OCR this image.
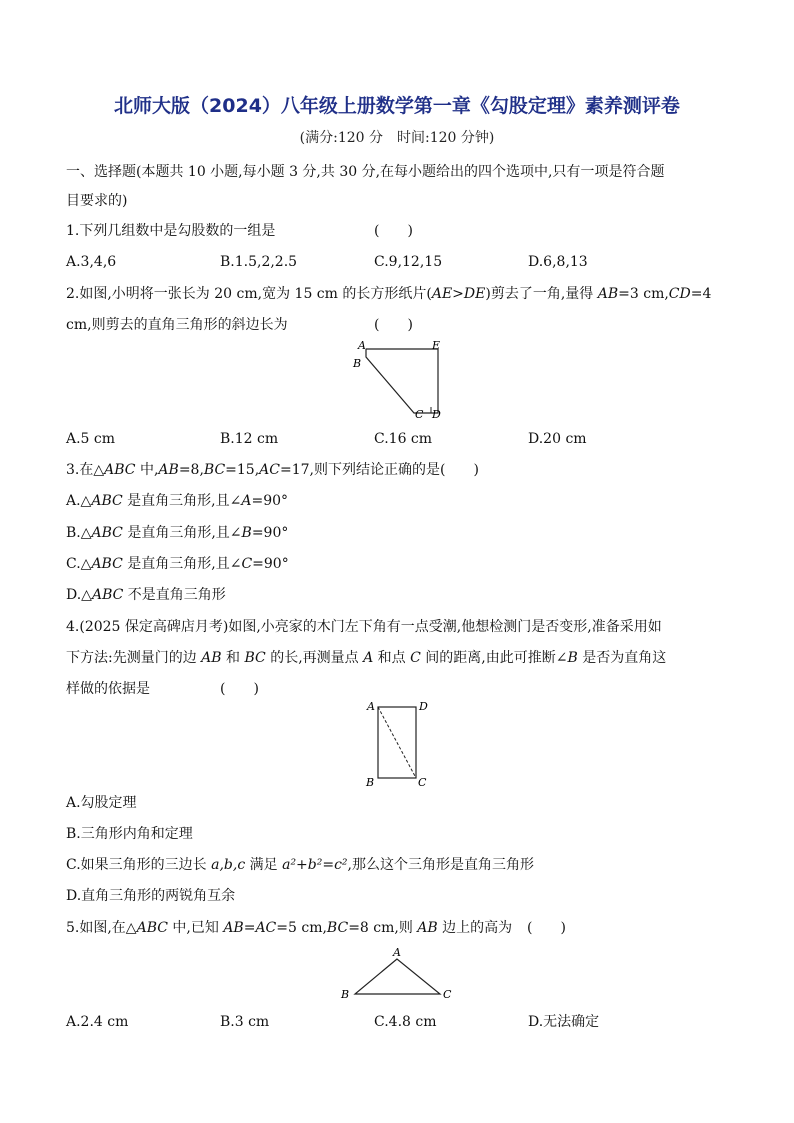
北师大版（2024）八年级上册数学第一章《勾股定理》素养测评卷
(满分:120 分　时间:120 分钟)
一、选择题(本题共 10 小题,每小题 3 分,共 30 分,在每小题给出的四个选项中,只有一项是符合题
目要求的)
1.下列几组数中是勾股数的一组是	(　　)
A.3,4,6	B.1.5,2,2.5	C.9,12,15	D.6,8,13
2.如图,小明将一张长为 20 cm,宽为 15 cm 的长方形纸片(AE>DE)剪去了一角,量得 AB=3 cm,CD=4
cm,则剪去的直角三角形的斜边长为	(　　)
A
B
C D
E
A.5 cm	B.12 cm	C.16 cm	D.20 cm
3.在△ABC 中,AB=8,BC=15,AC=17,则下列结论正确的是(　　)
A.△ABC 是直角三角形,且∠A=90°
B.△ABC 是直角三角形,且∠B=90°
C.△ABC 是直角三角形,且∠C=90°
D.△ABC 不是直角三角形
4.(2025 保定高碑店月考)如图,小亮家的木门左下角有一点受潮,他想检测门是否变形,准备采用如
下方法:先测量门的边 AB 和 BC 的长,再测量点 A 和点 C 间的距离,由此可推断∠B 是否为直角这
样做的依据是	(　　)
A	D
B	C
A.勾股定理
B.三角形内角和定理
C.如果三角形的三边长 a,b,c 满足 a²+b²=c²,那么这个三角形是直角三角形
D.直角三角形的两锐角互余
5.如图,在△ABC 中,已知 AB=AC=5 cm,BC=8 cm,则 AB 边上的高为 (　　)
A
B	C
A.2.4 cm	B.3 cm	C.4.8 cm	D.无法确定
